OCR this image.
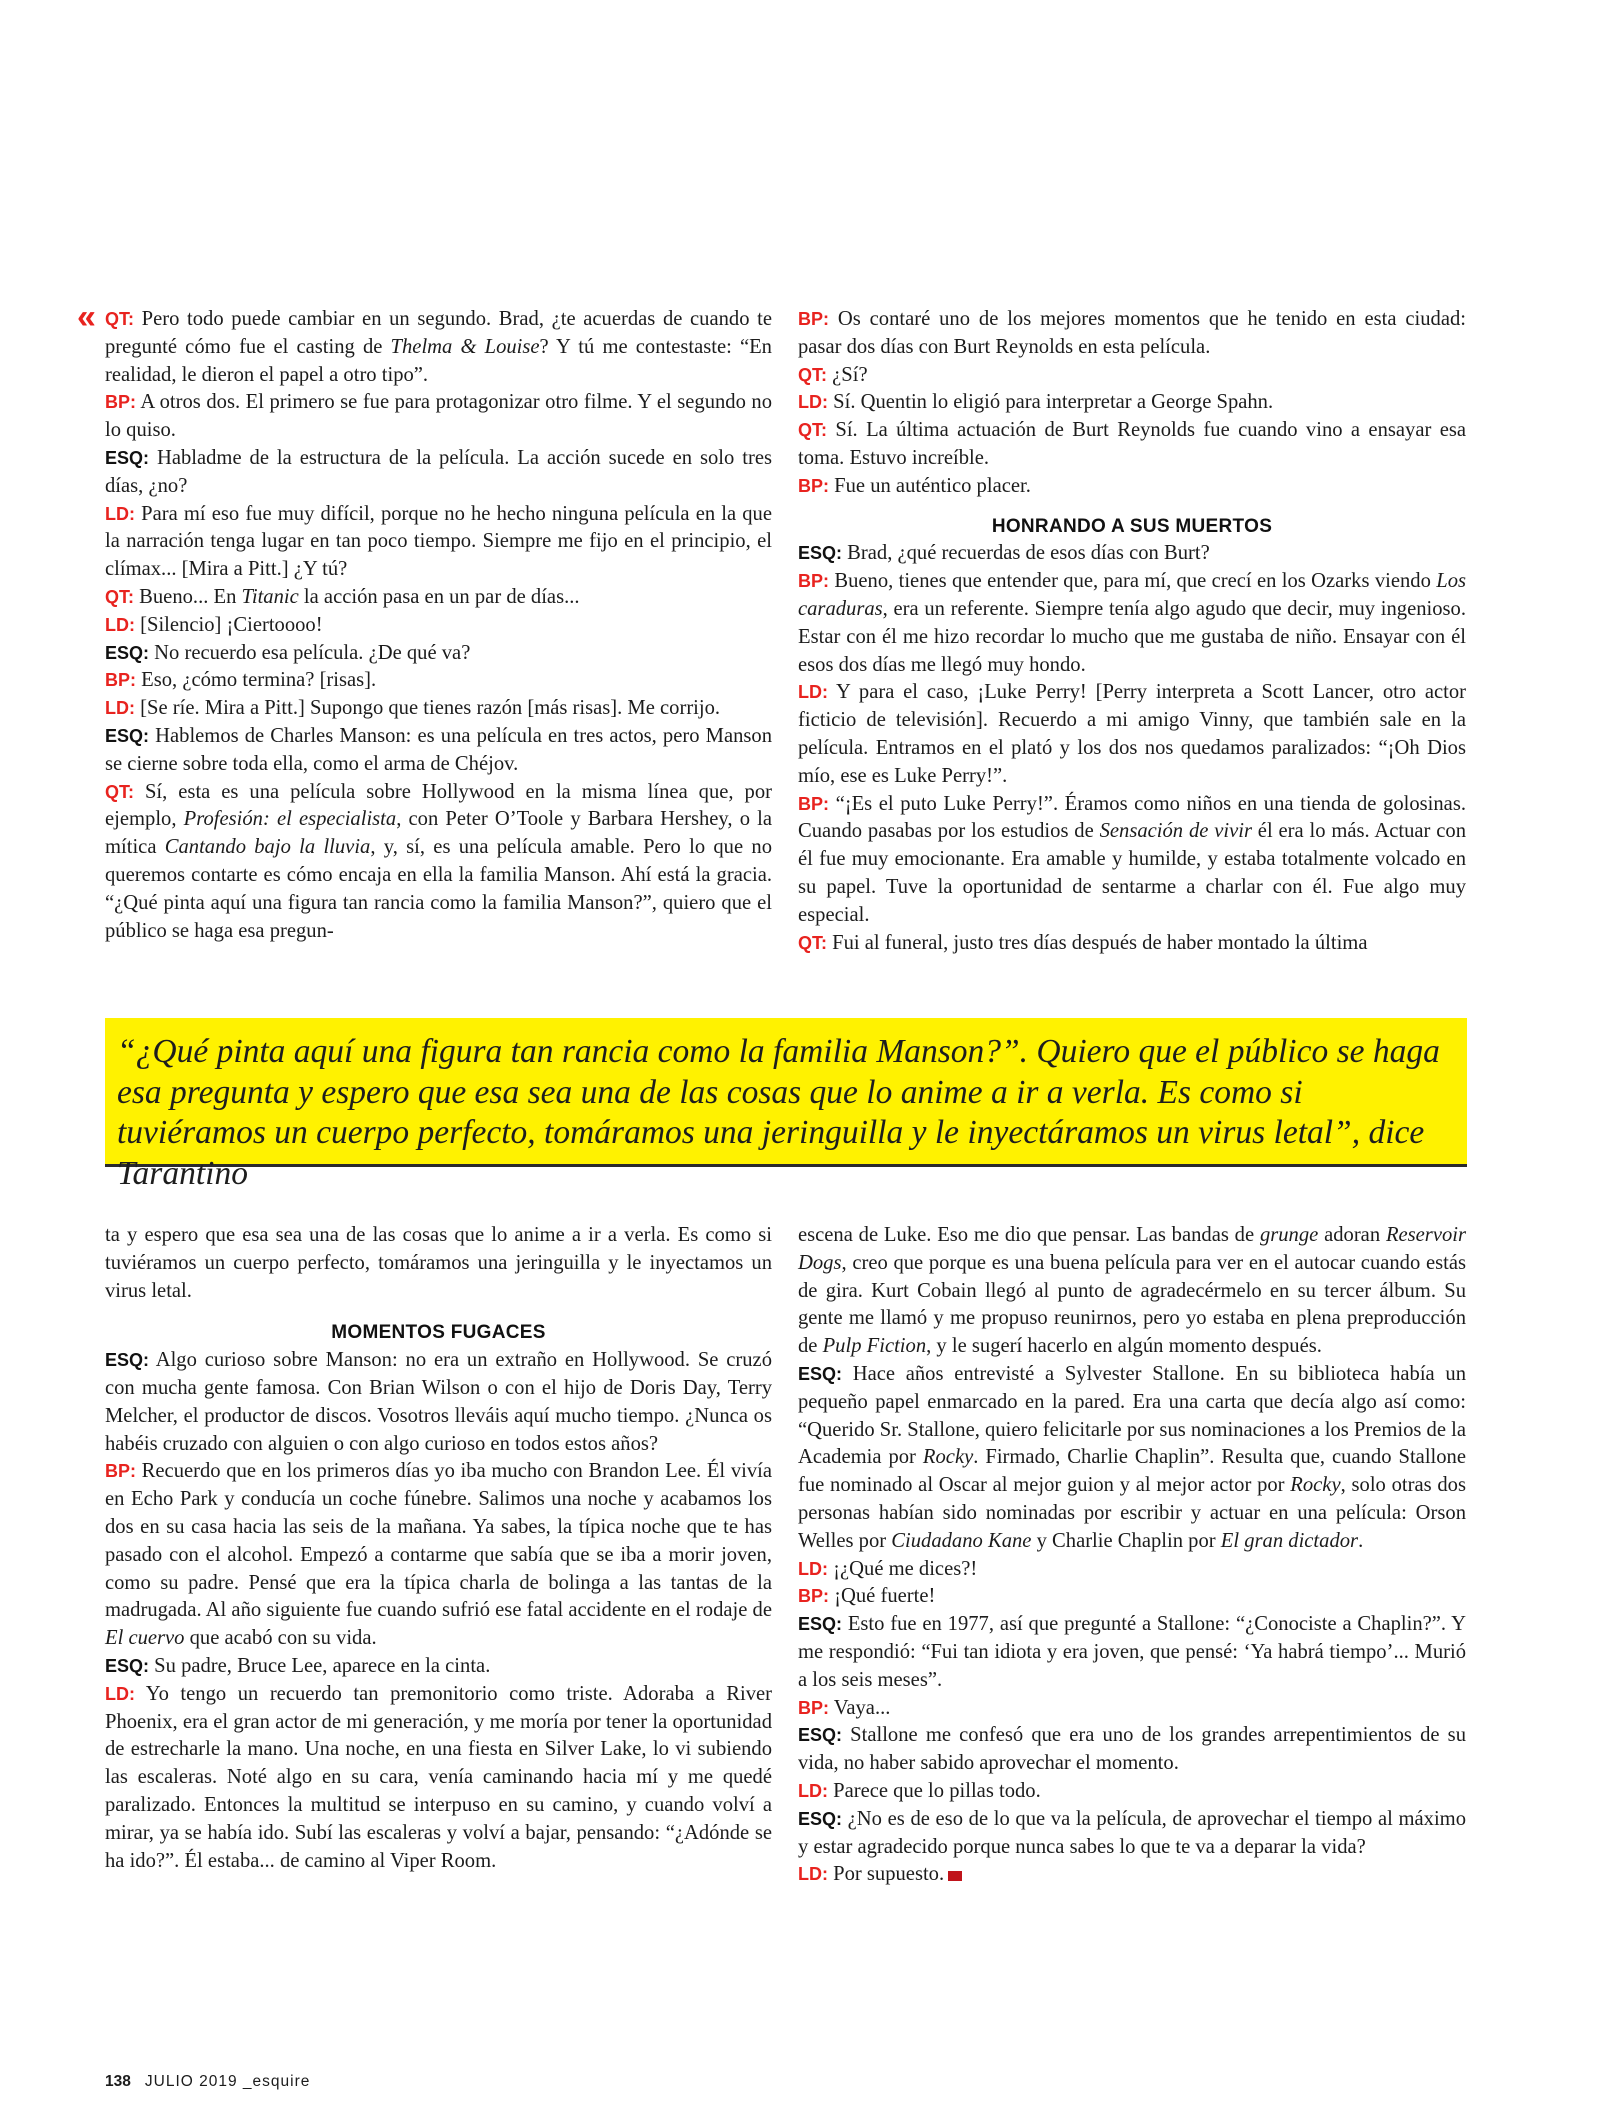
« QT: Pero todo puede cambiar en un segundo. Brad, ¿te acuerdas de cuando te pregunté cómo fue el casting de Thelma & Louise? Y tú me contestaste: “En realidad, le dieron el papel a otro tipo”.

BP: A otros dos. El primero se fue para protagonizar otro filme. Y el segundo no lo quiso.

ESQ: Habladme de la estructura de la película. La acción sucede en solo tres días, ¿no?

LD: Para mí eso fue muy difícil, porque no he hecho ninguna película en la que la narración tenga lugar en tan poco tiempo. Siempre me fijo en el principio, el clímax... [Mira a Pitt.] ¿Y tú?

QT: Bueno... En Titanic la acción pasa en un par de días...

LD: [Silencio] ¡Ciertoooo!

ESQ: No recuerdo esa película. ¿De qué va?

BP: Eso, ¿cómo termina? [risas].

LD: [Se ríe. Mira a Pitt.] Supongo que tienes razón [más risas]. Me corrijo.

ESQ: Hablemos de Charles Manson: es una película en tres actos, pero Manson se cierne sobre toda ella, como el arma de Chéjov.

QT: Sí, esta es una película sobre Hollywood en la misma línea que, por ejemplo, Profesión: el especialista, con Peter O’Toole y Barbara Hershey, o la mítica Cantando bajo la lluvia, y, sí, es una película amable. Pero lo que no queremos contarte es cómo encaja en ella la familia Manson. Ahí está la gracia. “¿Qué pinta aquí una figura tan rancia como la familia Manson?”, quiero que el público se haga esa pregun-

BP: Os contaré uno de los mejores momentos que he tenido en esta ciudad: pasar dos días con Burt Reynolds en esta película.

QT: ¿Sí?

LD: Sí. Quentin lo eligió para interpretar a George Spahn.

QT: Sí. La última actuación de Burt Reynolds fue cuando vino a ensayar esa toma. Estuvo increíble.

BP: Fue un auténtico placer.

HONRANDO A SUS MUERTOS

ESQ: Brad, ¿qué recuerdas de esos días con Burt?

BP: Bueno, tienes que entender que, para mí, que crecí en los Ozarks viendo Los caraduras, era un referente. Siempre tenía algo agudo que decir, muy ingenioso. Estar con él me hizo recordar lo mucho que me gustaba de niño. Ensayar con él esos dos días me llegó muy hondo.

LD: Y para el caso, ¡Luke Perry! [Perry interpreta a Scott Lancer, otro actor ficticio de televisión]. Recuerdo a mi amigo Vinny, que también sale en la película. Entramos en el plató y los dos nos quedamos paralizados: “¡Oh Dios mío, ese es Luke Perry!”.

BP: “¡Es el puto Luke Perry!”. Éramos como niños en una tienda de golosinas. Cuando pasabas por los estudios de Sensación de vivir él era lo más. Actuar con él fue muy emocionante. Era amable y humilde, y estaba totalmente volcado en su papel. Tuve la oportunidad de sentarme a charlar con él. Fue algo muy especial.

QT: Fui al funeral, justo tres días después de haber montado la última

“¿Qué pinta aquí una figura tan rancia como la familia Manson?”. Quiero que el público se haga esa pregunta y espero que esa sea una de las cosas que lo anime a ir a verla. Es como si tuviéramos un cuerpo perfecto, tomáramos una jeringuilla y le inyectáramos un virus letal”, dice Tarantino

ta y espero que esa sea una de las cosas que lo anime a ir a verla. Es como si tuviéramos un cuerpo perfecto, tomáramos una jeringuilla y le inyectamos un virus letal.

MOMENTOS FUGACES

ESQ: Algo curioso sobre Manson: no era un extraño en Hollywood. Se cruzó con mucha gente famosa. Con Brian Wilson o con el hijo de Doris Day, Terry Melcher, el productor de discos. Vosotros lleváis aquí mucho tiempo. ¿Nunca os habéis cruzado con alguien o con algo curioso en todos estos años?

BP: Recuerdo que en los primeros días yo iba mucho con Brandon Lee. Él vivía en Echo Park y conducía un coche fúnebre. Salimos una noche y acabamos los dos en su casa hacia las seis de la mañana. Ya sabes, la típica noche que te has pasado con el alcohol. Empezó a contarme que sabía que se iba a morir joven, como su padre. Pensé que era la típica charla de bolinga a las tantas de la madrugada. Al año siguiente fue cuando sufrió ese fatal accidente en el rodaje de El cuervo que acabó con su vida.

ESQ: Su padre, Bruce Lee, aparece en la cinta.

LD: Yo tengo un recuerdo tan premonitorio como triste. Adoraba a River Phoenix, era el gran actor de mi generación, y me moría por tener la oportunidad de estrecharle la mano. Una noche, en una fiesta en Silver Lake, lo vi subiendo las escaleras. Noté algo en su cara, venía caminando hacia mí y me quedé paralizado. Entonces la multitud se interpuso en su camino, y cuando volví a mirar, ya se había ido. Subí las escaleras y volví a bajar, pensando: “¿Adónde se ha ido?”. Él estaba... de camino al Viper Room.

escena de Luke. Eso me dio que pensar. Las bandas de grunge adoran Reservoir Dogs, creo que porque es una buena película para ver en el autocar cuando estás de gira. Kurt Cobain llegó al punto de agradecérmelo en su tercer álbum. Su gente me llamó y me propuso reunirnos, pero yo estaba en plena preproducción de Pulp Fiction, y le sugerí hacerlo en algún momento después.

ESQ: Hace años entrevisté a Sylvester Stallone. En su biblioteca había un pequeño papel enmarcado en la pared. Era una carta que decía algo así como: “Querido Sr. Stallone, quiero felicitarle por sus nominaciones a los Premios de la Academia por Rocky. Firmado, Charlie Chaplin”. Resulta que, cuando Stallone fue nominado al Oscar al mejor guion y al mejor actor por Rocky, solo otras dos personas habían sido nominadas por escribir y actuar en una película: Orson Welles por Ciudadano Kane y Charlie Chaplin por El gran dictador.

LD: ¡¿Qué me dices?!

BP: ¡Qué fuerte!

ESQ: Esto fue en 1977, así que pregunté a Stallone: “¿Conociste a Chaplin?”. Y me respondió: “Fui tan idiota y era joven, que pensé: ‘Ya habrá tiempo’... Murió a los seis meses”.

BP: Vaya...

ESQ: Stallone me confesó que era uno de los grandes arrepentimientos de su vida, no haber sabido aprovechar el momento.

LD: Parece que lo pillas todo.

ESQ: ¿No es de eso de lo que va la película, de aprovechar el tiempo al máximo y estar agradecido porque nunca sabes lo que te va a deparar la vida?

LD: Por supuesto.

138 JULIO 2019 _esquire
